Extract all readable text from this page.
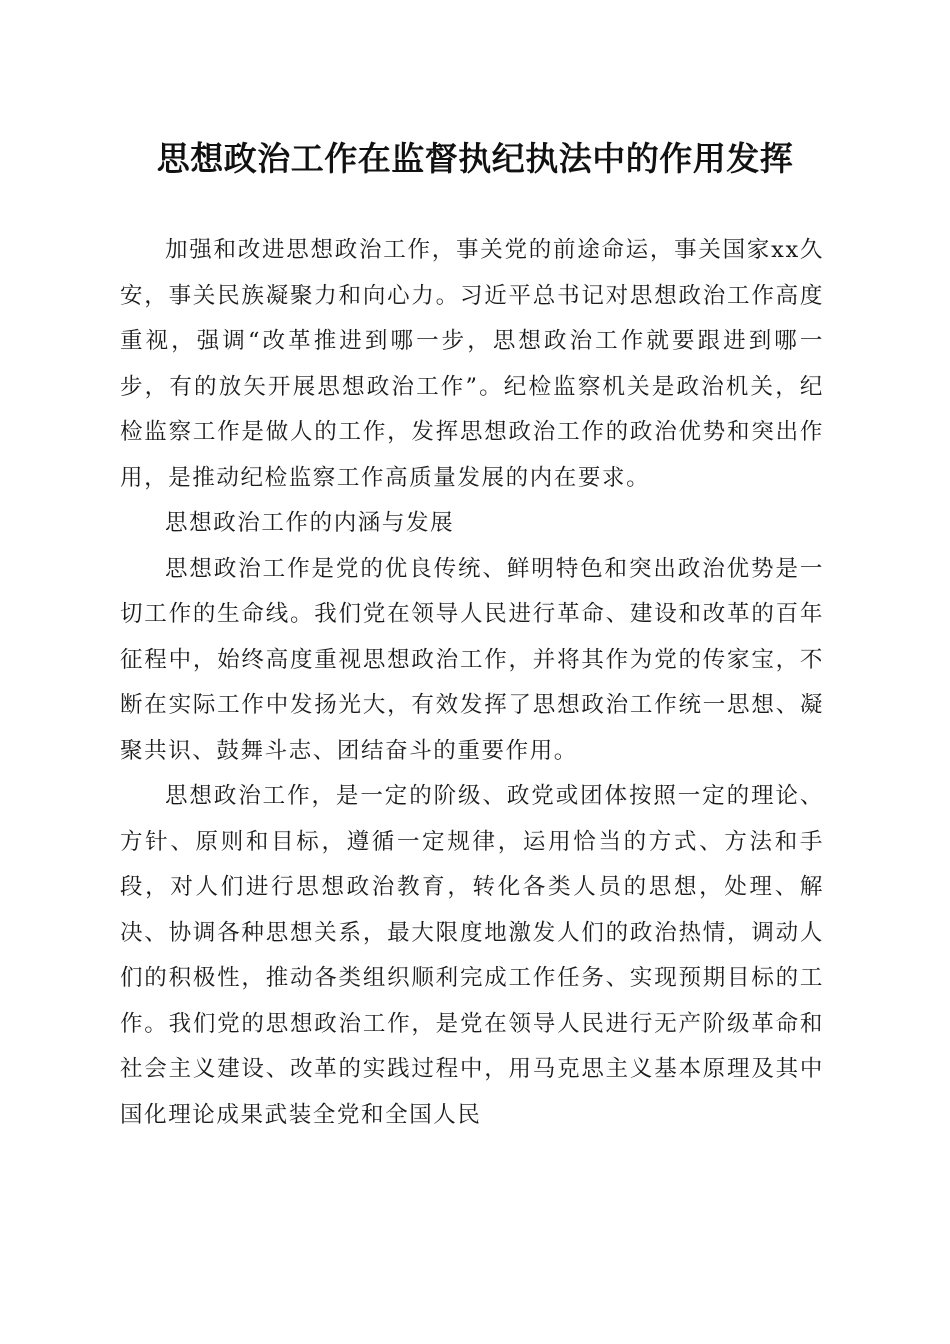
思想政治工作在监督执纪执法中的作用发挥

加强和改进思想政治工作，事关党的前途命运，事关国家xx久安，事关民族凝聚力和向心力。习近平总书记对思想政治工作高度重视，强调“改革推进到哪一步，思想政治工作就要跟进到哪一步，有的放矢开展思想政治工作”。纪检监察机关是政治机关，纪检监察工作是做人的工作，发挥思想政治工作的政治优势和突出作用，是推动纪检监察工作高质量发展的内在要求。

思想政治工作的内涵与发展

思想政治工作是党的优良传统、鲜明特色和突出政治优势是一切工作的生命线。我们党在领导人民进行革命、建设和改革的百年征程中，始终高度重视思想政治工作，并将其作为党的传家宝，不断在实际工作中发扬光大，有效发挥了思想政治工作统一思想、凝聚共识、鼓舞斗志、团结奋斗的重要作用。

思想政治工作，是一定的阶级、政党或团体按照一定的理论、方针、原则和目标，遵循一定规律，运用恰当的方式、方法和手段，对人们进行思想政治教育，转化各类人员的思想，处理、解决、协调各种思想关系，最大限度地激发人们的政治热情，调动人们的积极性，推动各类组织顺利完成工作任务、实现预期目标的工作。我们党的思想政治工作，是党在领导人民进行无产阶级革命和社会主义建设、改革的实践过程中，用马克思主义基本原理及其中国化理论成果武装全党和全国人民
